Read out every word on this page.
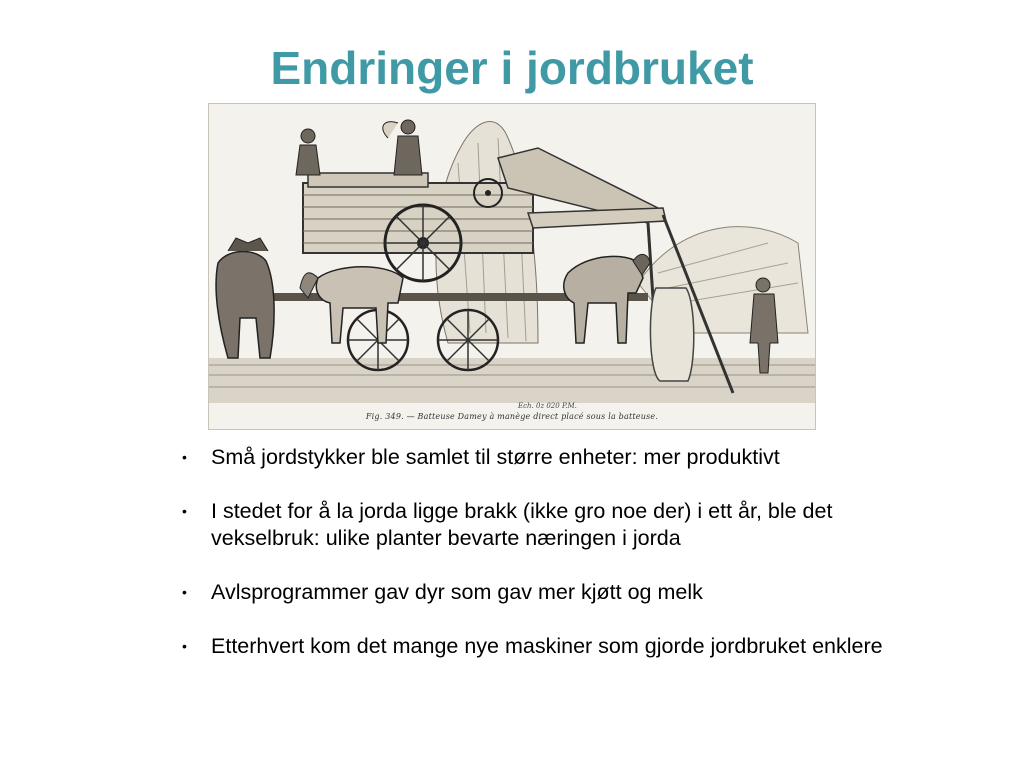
Endringer i jordbruket
Ech. 0z 020 P.M.
Fig. 349. — Batteuse Damey à manège direct placé sous la batteuse.
• Små jordstykker ble samlet til større enheter: mer produktivt
• I stedet for å la jorda ligge brakk (ikke gro noe der) i ett år, ble det vekselbruk: ulike planter bevarte næringen i jorda
• Avlsprogrammer gav dyr som gav mer kjøtt og melk
• Etterhvert kom det mange nye maskiner som gjorde jordbruket enklere
